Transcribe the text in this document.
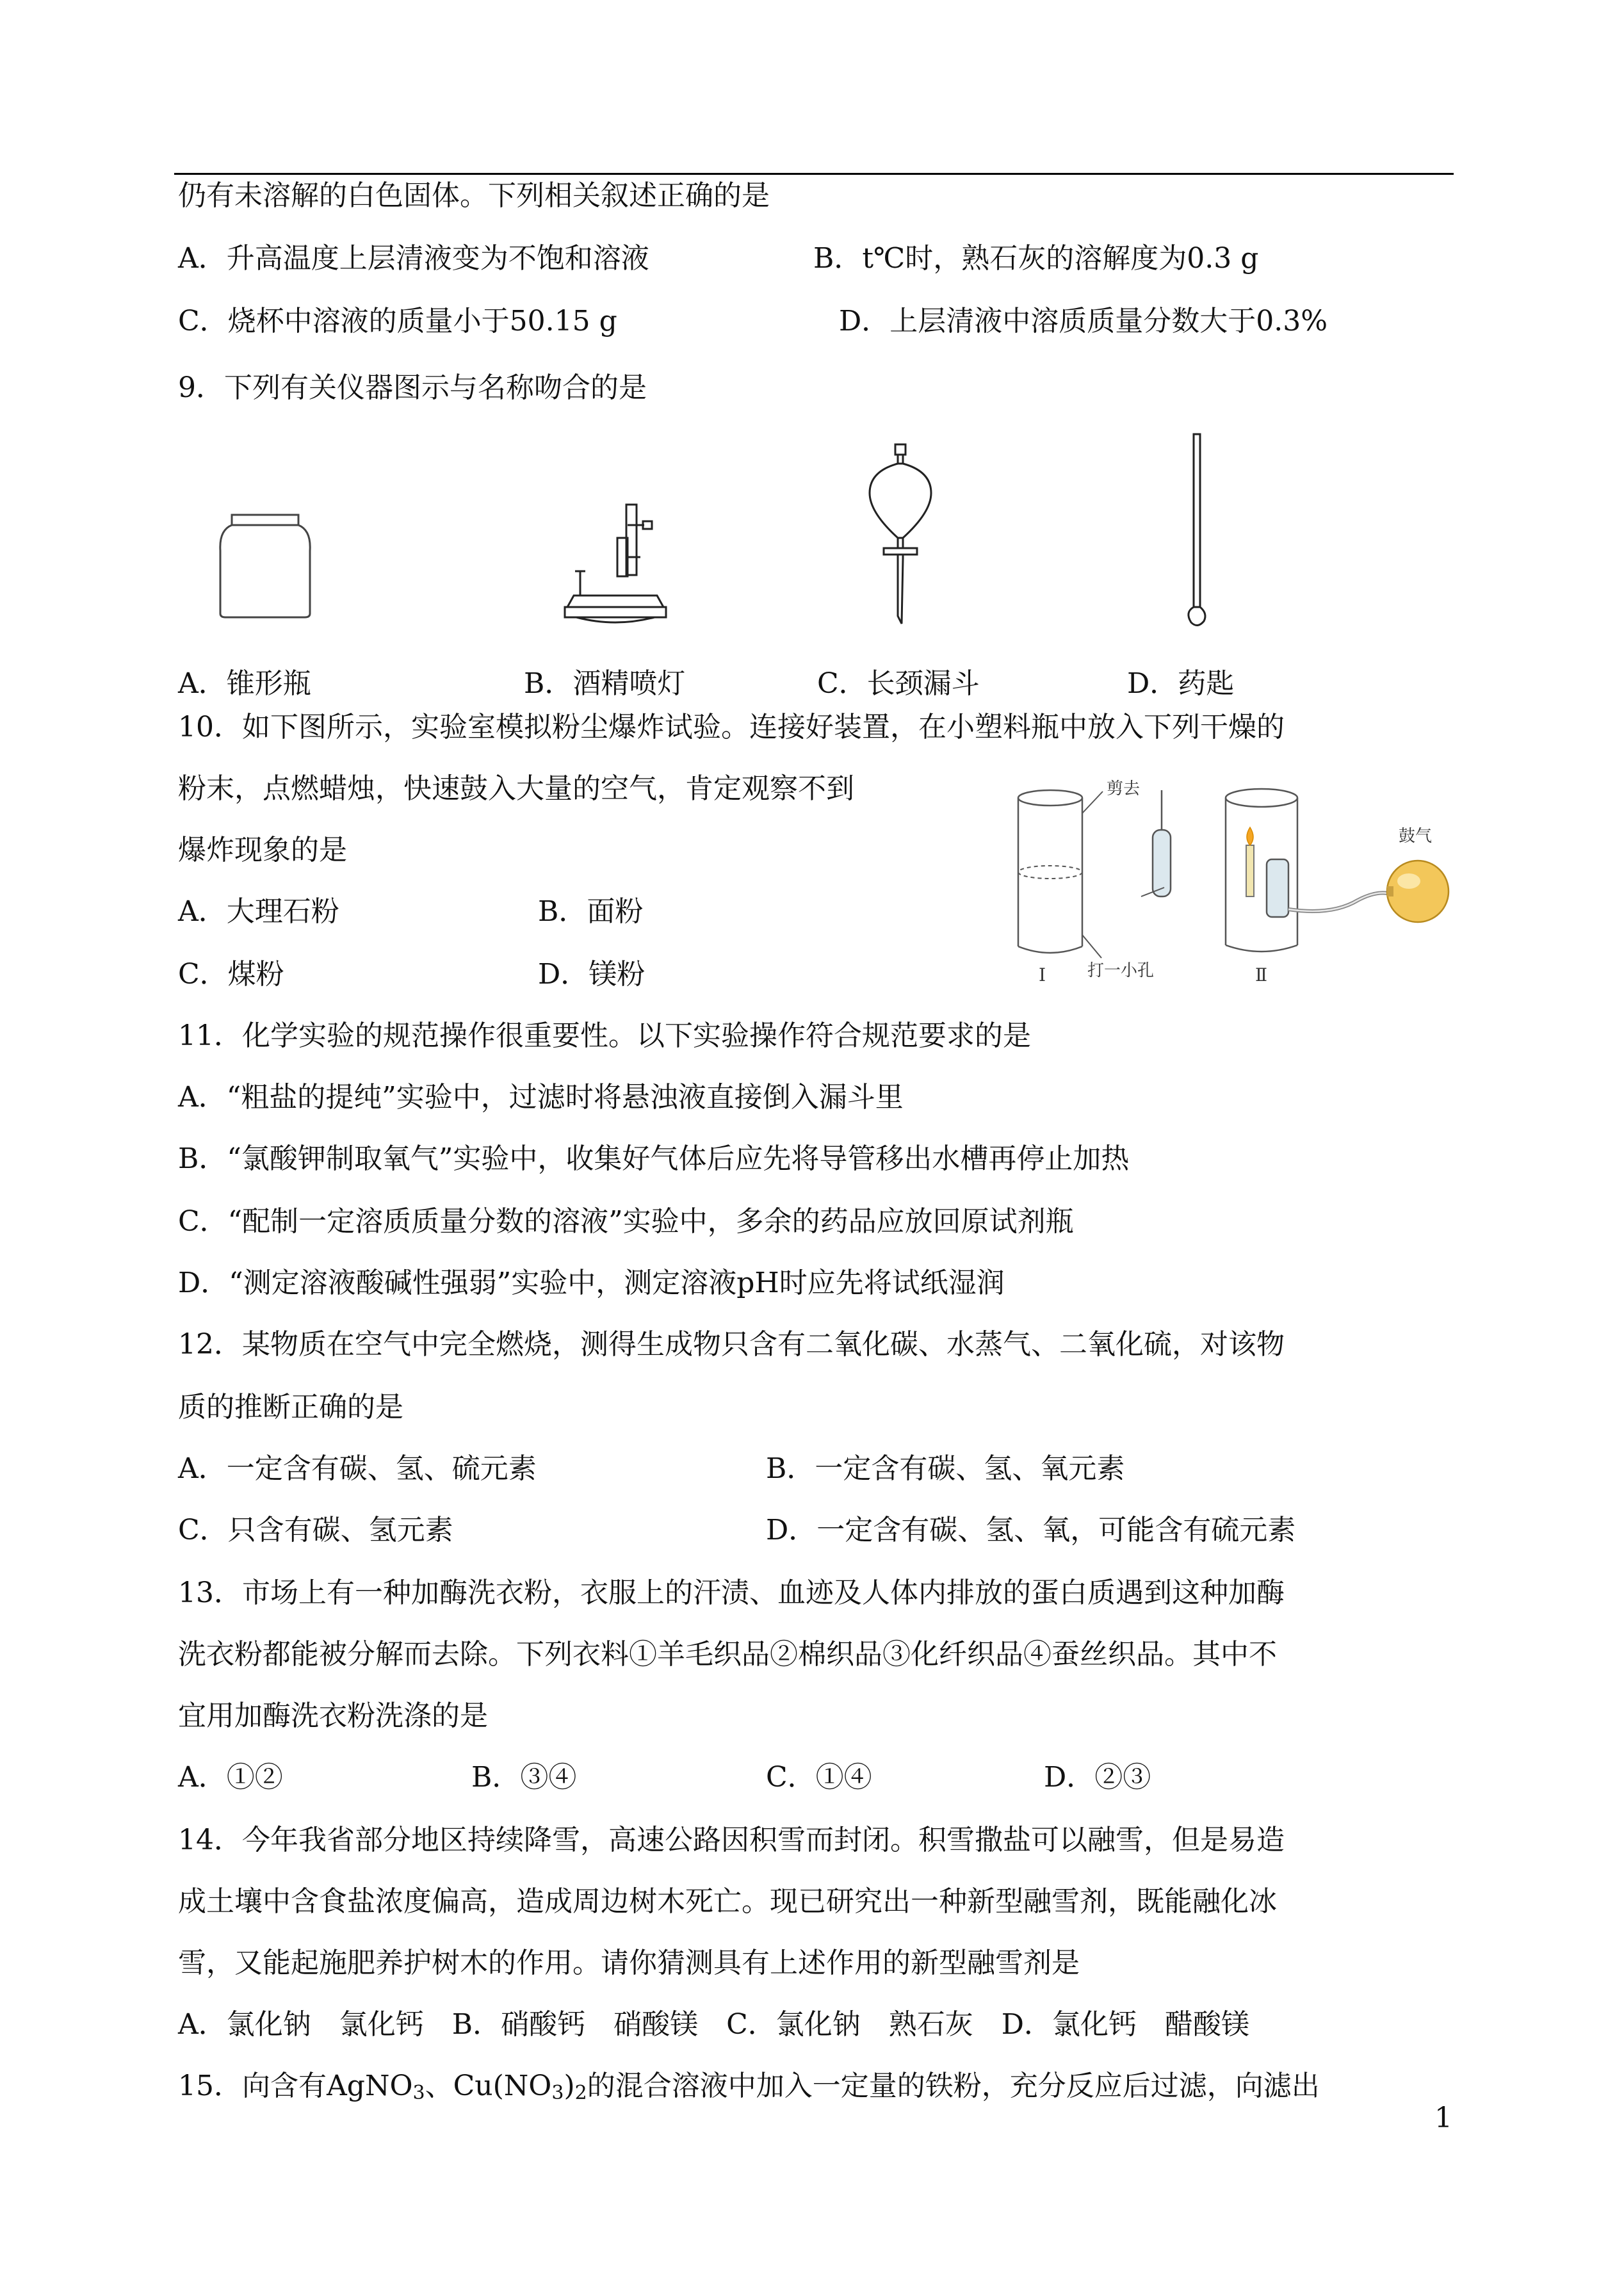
仍有未溶解的白色固体。下列相关叙述正确的是
A．升高温度上层清液变为不饱和溶液	B．t℃时，熟石灰的溶解度为0.3 g
C．烧杯中溶液的质量小于50.15 g	D．上层清液中溶质质量分数大于0.3%
9．下列有关仪器图示与名称吻合的是
A．锥形瓶	B．酒精喷灯	C．长颈漏斗	D．药匙
10．如下图所示，实验室模拟粉尘爆炸试验。连接好装置，在小塑料瓶中放入下列干燥的
粉末，点燃蜡烛，快速鼓入大量的空气，肯定观察不到
爆炸现象的是
A．大理石粉	B．面粉
C．煤粉	D．镁粉
剪去
打一小孔
鼓气
Ⅰ	Ⅱ
11．化学实验的规范操作很重要性。以下实验操作符合规范要求的是
A．“粗盐的提纯”实验中，过滤时将悬浊液直接倒入漏斗里
B．“氯酸钾制取氧气”实验中，收集好气体后应先将导管移出水槽再停止加热
C．“配制一定溶质质量分数的溶液”实验中，多余的药品应放回原试剂瓶
D．“测定溶液酸碱性强弱”实验中，测定溶液pH时应先将试纸湿润
12．某物质在空气中完全燃烧，测得生成物只含有二氧化碳、水蒸气、二氧化硫，对该物
质的推断正确的是
A．一定含有碳、氢、硫元素	B．一定含有碳、氢、氧元素
C．只含有碳、氢元素	D．一定含有碳、氢、氧，可能含有硫元素
13．市场上有一种加酶洗衣粉，衣服上的汗渍、血迹及人体内排放的蛋白质遇到这种加酶
洗衣粉都能被分解而去除。下列衣料①羊毛织品②棉织品③化纤织品④蚕丝织品。其中不
宜用加酶洗衣粉洗涤的是
A．①②	B．③④	C．①④	D．②③
14．今年我省部分地区持续降雪，高速公路因积雪而封闭。积雪撒盐可以融雪，但是易造
成土壤中含食盐浓度偏高，造成周边树木死亡。现已研究出一种新型融雪剂，既能融化冰
雪，又能起施肥养护树木的作用。请你猜测具有上述作用的新型融雪剂是
A．氯化钠　氯化钙　B．硝酸钙　硝酸镁　C．氯化钠　熟石灰　D．氯化钙　醋酸镁
15．向含有AgNO$_3$、$Cu(NO_3)_2$的混合溶液中加入一定量的铁粉，充分反应后过滤，向滤出
1
